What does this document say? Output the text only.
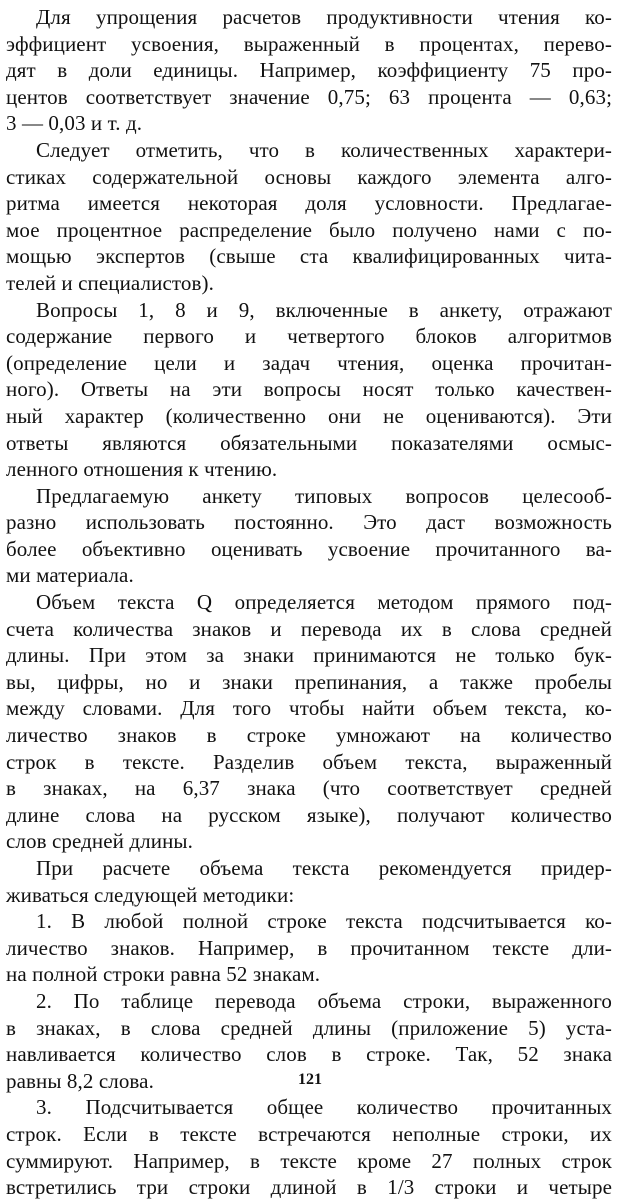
Для упрощения расчетов продуктивности чтения ко-
эффициент усвоения, выраженный в процентах, перево-
дят в доли единицы. Например, коэффициенту 75 про-
центов соответствует значение 0,75; 63 процента — 0,63;
3 — 0,03 и т. д.
Следует отметить, что в количественных характери-
стиках содержательной основы каждого элемента алго-
ритма имеется некоторая доля условности. Предлагае-
мое процентное распределение было получено нами с по-
мощью экспертов (свыше ста квалифицированных чита-
телей и специалистов).
Вопросы 1, 8 и 9, включенные в анкету, отражают
содержание первого и четвертого блоков алгоритмов
(определение цели и задач чтения, оценка прочитан-
ного). Ответы на эти вопросы носят только качествен-
ный характер (количественно они не оцениваются). Эти
ответы являются обязательными показателями осмыс-
ленного отношения к чтению.
Предлагаемую анкету типовых вопросов целесооб-
разно использовать постоянно. Это даст возможность
более объективно оценивать усвоение прочитанного ва-
ми материала.
Объем текста Q определяется методом прямого под-
счета количества знаков и перевода их в слова средней
длины. При этом за знаки принимаются не только бук-
вы, цифры, но и знаки препинания, а также пробелы
между словами. Для того чтобы найти объем текста, ко-
личество знаков в строке умножают на количество
строк в тексте. Разделив объем текста, выраженный
в знаках, на 6,37 знака (что соответствует средней
длине слова на русском языке), получают количество
слов средней длины.
При расчете объема текста рекомендуется придер-
живаться следующей методики:
1. В любой полной строке текста подсчитывается ко-
личество знаков. Например, в прочитанном тексте дли-
на полной строки равна 52 знакам.
2. По таблице перевода объема строки, выраженного
в знаках, в слова средней длины (приложение 5) уста-
навливается количество слов в строке. Так, 52 знака
равны 8,2 слова.
3. Подсчитывается общее количество прочитанных
строк. Если в тексте встречаются неполные строки, их
суммируют. Например, в тексте кроме 27 полных строк
встретились три строки длиной в 1/3 строки и четыре
121
